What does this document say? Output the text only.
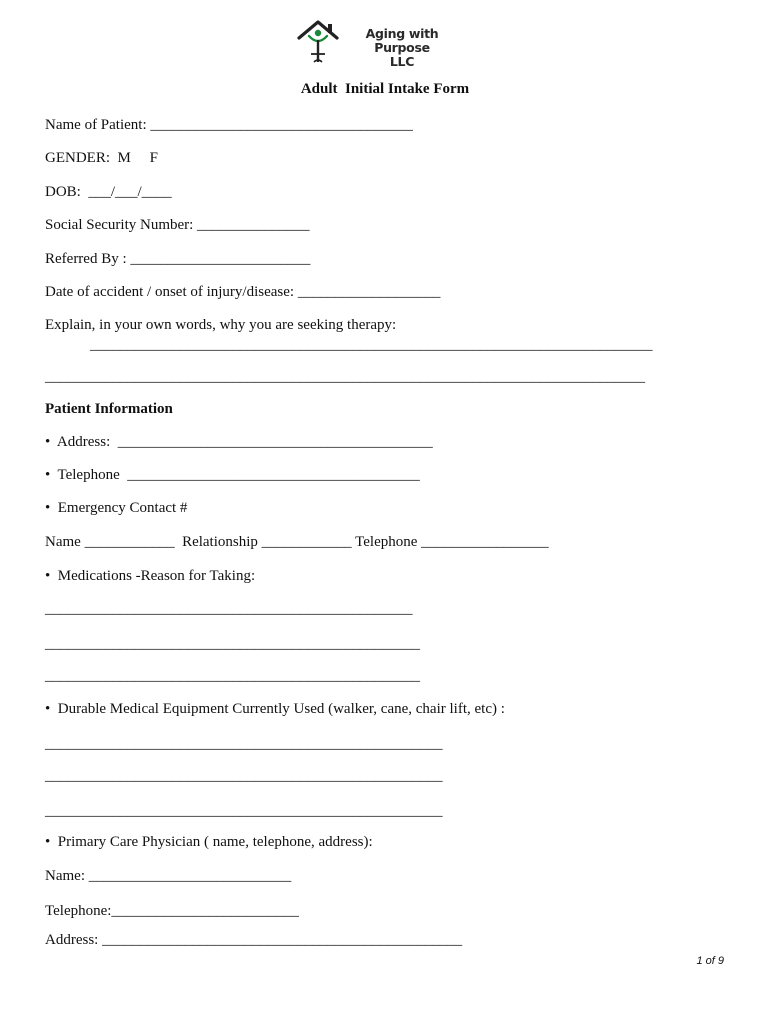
Aging with Purpose
LLC
Adult  Initial Intake Form
Name of Patient: ___________________________________
GENDER:  M     F
DOB:  ___/___/____
Social Security Number: _______________
Referred By : ________________________
Date of accident / onset of injury/disease: ___________________
Explain, in your own words, why you are seeking therapy:
___________________________________________________________________________
________________________________________________________________________________
Patient Information
•  Address:  __________________________________________
•  Telephone  _______________________________________
•  Emergency Contact #
Name ____________  Relationship ____________ Telephone _________________
•  Medications -Reason for Taking:
_________________________________________________
__________________________________________________
__________________________________________________
•  Durable Medical Equipment Currently Used (walker, cane, chair lift, etc) :
_____________________________________________________
_____________________________________________________
_____________________________________________________
•  Primary Care Physician ( name, telephone, address):
Name: ___________________________
Telephone:_________________________
Address: ________________________________________________
1 of 9
